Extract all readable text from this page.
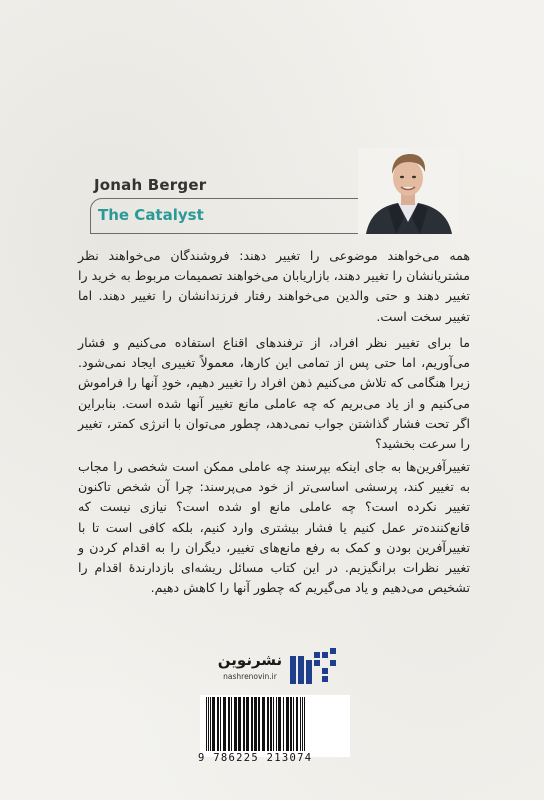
Jonah Berger
The Catalyst

همه می‌خواهند موضوعی را تغییر دهند: فروشندگان می‌خواهند نظر مشتریانشان را تغییر دهند، بازاریابان می‌خواهند تصمیمات مربوط به خرید را تغییر دهند و حتی والدین می‌خواهند رفتار فرزندانشان را تغییر دهند. اما تغییر سخت است.

ما برای تغییر نظر افراد، از ترفندهای اقناع استفاده می‌کنیم و فشار می‌آوریم، اما حتی پس از تمامی این کارها، معمولاً تغییری ایجاد نمی‌شود. زیرا هنگامی که تلاش می‌کنیم ذهن افراد را تغییر دهیم، خودِ آنها را فراموش می‌کنیم و از یاد می‌بریم که چه عاملی مانع تغییر آنها شده است. بنابراین اگر تحت فشار گذاشتن جواب نمی‌دهد، چطور می‌توان با انرژی کمتر، تغییر را سرعت بخشید؟

تغییرآفرین‌ها به جای اینکه بپرسند چه عاملی ممکن است شخصی را مجاب به تغییر کند، پرسشی اساسی‌تر از خود می‌پرسند: چرا آن شخص تاکنون تغییر نکرده است؟ چه عاملی مانع او شده است؟ نیازی نیست که قانع‌کننده‌تر عمل کنیم یا فشار بیشتری وارد کنیم، بلکه کافی است تا با تغییرآفرین بودن و کمک به رفع مانع‌های تغییر، دیگران را به اقدام کردن و تغییر نظرات برانگیزیم. در این کتاب مسائل ریشه‌ای بازدارندهٔ اقدام را تشخیص می‌دهیم و یاد می‌گیریم که چطور آنها را کاهش دهیم.

نشرنوین
nashrenovin.ir
9 786225 213074
